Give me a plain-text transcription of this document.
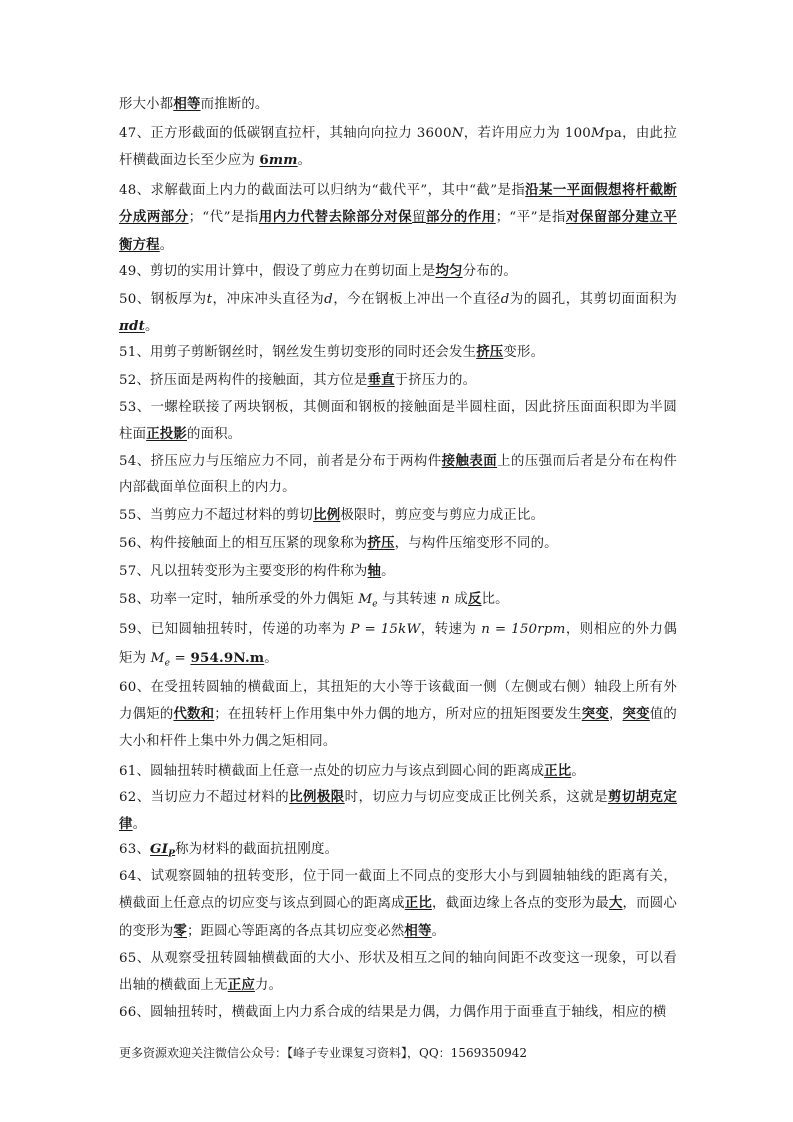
形大小都相等而推断的。

47、正方形截面的低碳钢直拉杆，其轴向向拉力 3600N，若许用应力为 100Mpa，由此拉杆横截面边长至少应为 6mm。

48、求解截面上内力的截面法可以归纳为“截代平”，其中“截”是指沿某一平面假想将杆截断分成两部分；“代”是指用内力代替去除部分对保留部分的作用；“平”是指对保留部分建立平衡方程。

49、剪切的实用计算中，假设了剪应力在剪切面上是均匀分布的。

50、钢板厚为t，冲床冲头直径为d，今在钢板上冲出一个直径d为的圆孔，其剪切面面积为πdt。

51、用剪子剪断钢丝时，钢丝发生剪切变形的同时还会发生挤压变形。

52、挤压面是两构件的接触面，其方位是垂直于挤压力的。

53、一螺栓联接了两块钢板，其侧面和钢板的接触面是半圆柱面，因此挤压面面积即为半圆柱面正投影的面积。

54、挤压应力与压缩应力不同，前者是分布于两构件接触表面上的压强而后者是分布在构件内部截面单位面积上的内力。

55、当剪应力不超过材料的剪切比例极限时，剪应变与剪应力成正比。

56、构件接触面上的相互压紧的现象称为挤压，与构件压缩变形不同的。

57、凡以扭转变形为主要变形的构件称为轴。

58、功率一定时，轴所承受的外力偶矩 $M_e$ 与其转速 n 成反比。

59、已知圆轴扭转时，传递的功率为 P = 15kW，转速为 n = 150rpm，则相应的外力偶矩为 $M_e = 954.9N.m$。

60、在受扭转圆轴的横截面上，其扭矩的大小等于该截面一侧（左侧或右侧）轴段上所有外力偶矩的代数和；在扭转杆上作用集中外力偶的地方，所对应的扭矩图要发生突变，突变值的大小和杆件上集中外力偶之矩相同。

61、圆轴扭转时横截面上任意一点处的切应力与该点到圆心间的距离成正比。

62、当切应力不超过材料的比例极限时，切应力与切应变成正比例关系，这就是剪切胡克定律。

63、$GI_P$称为材料的截面抗扭刚度。

64、试观察圆轴的扭转变形，位于同一截面上不同点的变形大小与到圆轴轴线的距离有关，横截面上任意点的切应变与该点到圆心的距离成正比，截面边缘上各点的变形为最大，而圆心的变形为零；距圆心等距离的各点其切应变必然相等。

65、从观察受扭转圆轴横截面的大小、形状及相互之间的轴向间距不改变这一现象，可以看出轴的横截面上无正应力。

66、圆轴扭转时，横截面上内力系合成的结果是力偶，力偶作用于面垂直于轴线，相应的横

更多资源欢迎关注微信公众号：【峰子专业课复习资料】，QQ：1569350942
